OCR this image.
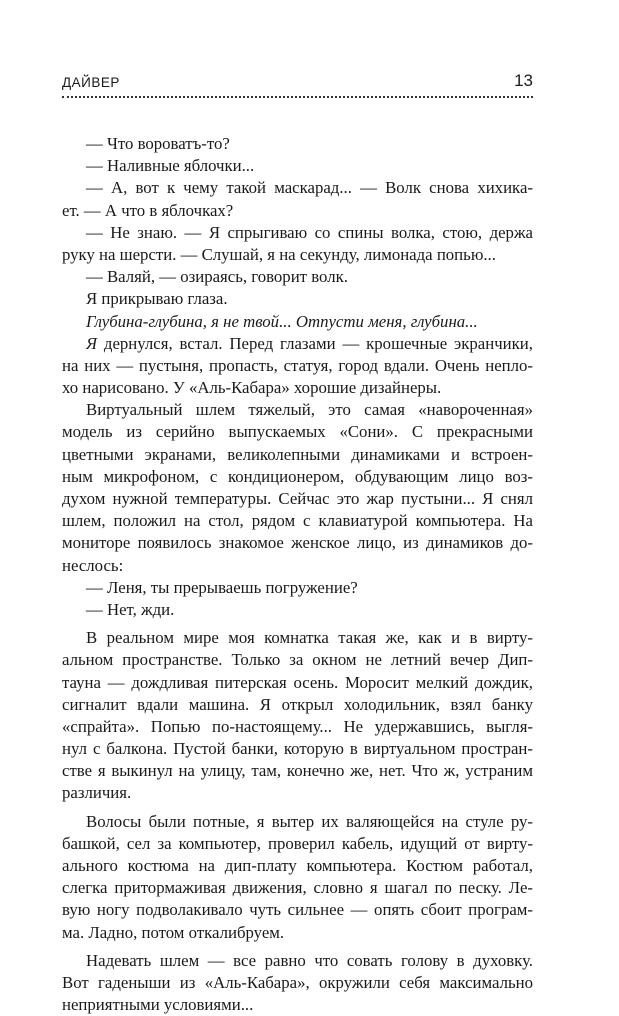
ДАЙВЕР	13
— Что вороватъ-то?
— Наливные яблочки...
— А, вот к чему такой маскарад... — Волк снова хихика-
ет. — А что в яблочках?
— Не знаю. — Я спрыгиваю со спины волка, стою, держа
руку на шерсти. — Слушай, я на секунду, лимонада попью...
— Валяй, — озираясь, говорит волк.
Я прикрываю глаза.
Глубина-глубина, я не твой... Отпусти меня, глубина...
Я дернулся, встал. Перед глазами — крошечные экранчики,
на них — пустыня, пропасть, статуя, город вдали. Очень непло-
хо нарисовано. У «Аль-Кабара» хорошие дизайнеры.
Виртуальный шлем тяжелый, это самая «навороченная»
модель из серийно выпускаемых «Сони». С прекрасными
цветными экранами, великолепными динамиками и встроен-
ным микрофоном, с кондиционером, обдувающим лицо воз-
духом нужной температуры. Сейчас это жар пустыни... Я снял
шлем, положил на стол, рядом с клавиатурой компьютера. На
мониторе появилось знакомое женское лицо, из динамиков до-
неслось:
— Леня, ты прерываешь погружение?
— Нет, жди.
В реальном мире моя комнатка такая же, как и в вирту-
альном пространстве. Только за окном не летний вечер Дип-
тауна — дождливая питерская осень. Моросит мелкий дождик,
сигналит вдали машина. Я открыл холодильник, взял банку
«спрайта». Попью по-настоящему... Не удержавшись, выгля-
нул с балкона. Пустой банки, которую в виртуальном простран-
стве я выкинул на улицу, там, конечно же, нет. Что ж, устраним
различия.
Волосы были потные, я вытер их валяющейся на стуле ру-
башкой, сел за компьютер, проверил кабель, идущий от вирту-
ального костюма на дип-плату компьютера. Костюм работал,
слегка притормаживая движения, словно я шагал по песку. Ле-
вую ногу подволакивало чуть сильнее — опять сбоит програм-
ма. Ладно, потом откалибруем.
Надевать шлем — все равно что совать голову в духовку.
Вот гаденыши из «Аль-Кабара», окружили себя максимально
неприятными условиями...
